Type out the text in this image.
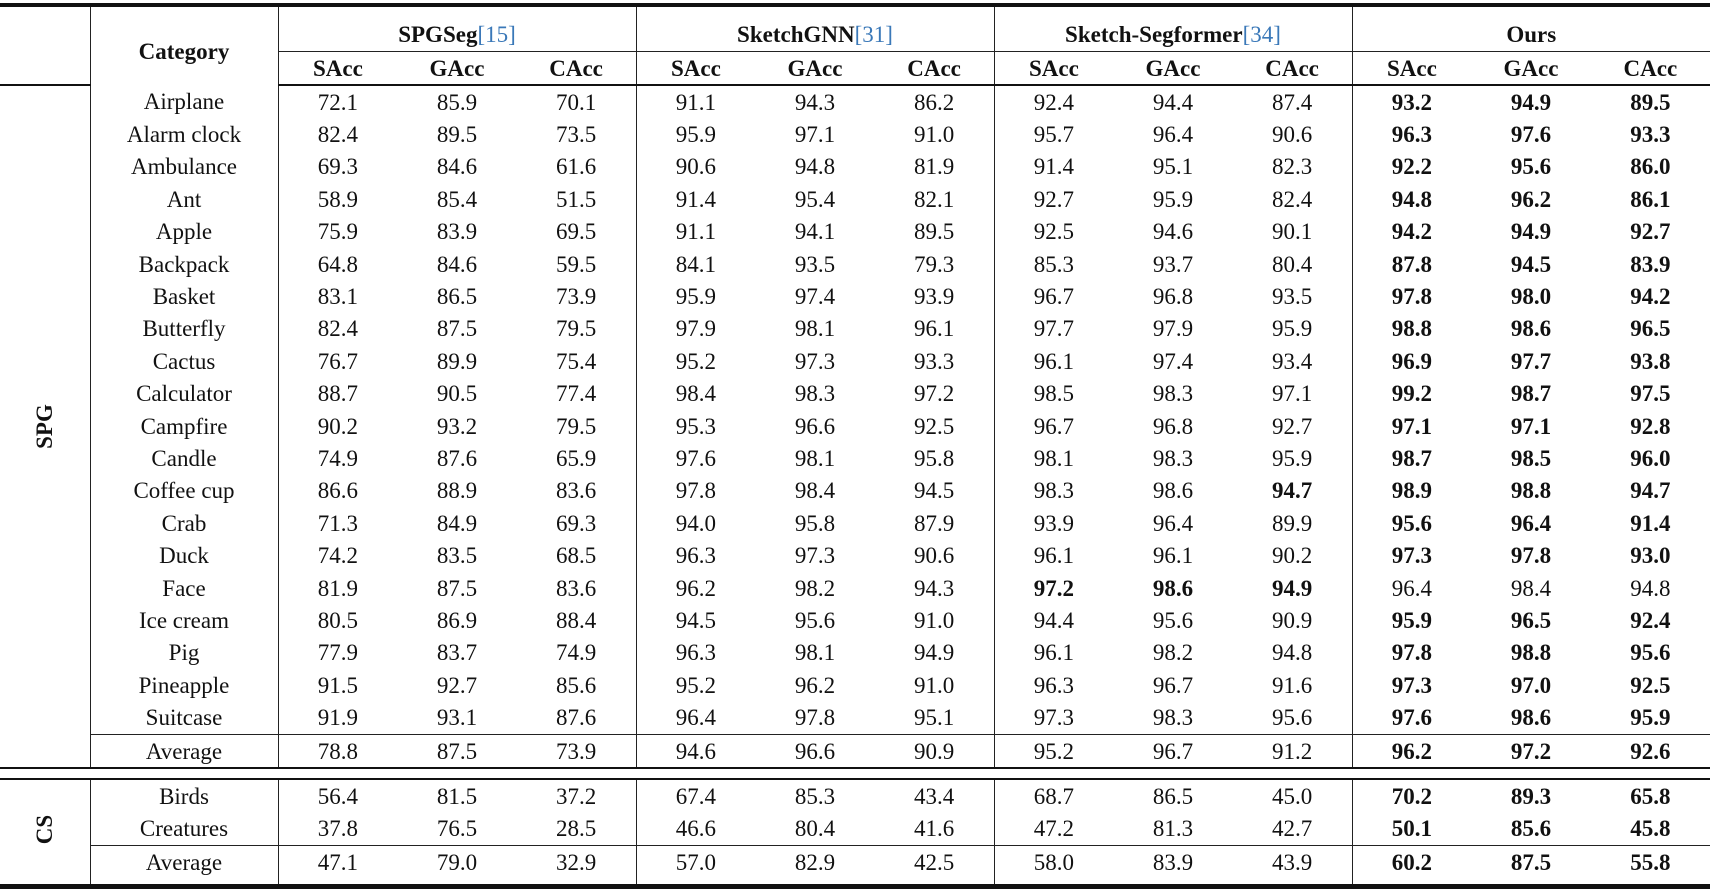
	Category	SPGSeg[15]			SketchGNN[31]			Sketch-Segformer[34]			Ours		
		SAcc	GAcc	CAcc	SAcc	GAcc	CAcc	SAcc	GAcc	CAcc	SAcc	GAcc	CAcc
SPG	Airplane	72.1	85.9	70.1	91.1	94.3	86.2	92.4	94.4	87.4	93.2	94.9	89.5
	Alarm clock	82.4	89.5	73.5	95.9	97.1	91.0	95.7	96.4	90.6	96.3	97.6	93.3
	Ambulance	69.3	84.6	61.6	90.6	94.8	81.9	91.4	95.1	82.3	92.2	95.6	86.0
	Ant	58.9	85.4	51.5	91.4	95.4	82.1	92.7	95.9	82.4	94.8	96.2	86.1
	Apple	75.9	83.9	69.5	91.1	94.1	89.5	92.5	94.6	90.1	94.2	94.9	92.7
	Backpack	64.8	84.6	59.5	84.1	93.5	79.3	85.3	93.7	80.4	87.8	94.5	83.9
	Basket	83.1	86.5	73.9	95.9	97.4	93.9	96.7	96.8	93.5	97.8	98.0	94.2
	Butterfly	82.4	87.5	79.5	97.9	98.1	96.1	97.7	97.9	95.9	98.8	98.6	96.5
	Cactus	76.7	89.9	75.4	95.2	97.3	93.3	96.1	97.4	93.4	96.9	97.7	93.8
	Calculator	88.7	90.5	77.4	98.4	98.3	97.2	98.5	98.3	97.1	99.2	98.7	97.5
	Campfire	90.2	93.2	79.5	95.3	96.6	92.5	96.7	96.8	92.7	97.1	97.1	92.8
	Candle	74.9	87.6	65.9	97.6	98.1	95.8	98.1	98.3	95.9	98.7	98.5	96.0
	Coffee cup	86.6	88.9	83.6	97.8	98.4	94.5	98.3	98.6	94.7	98.9	98.8	94.7
	Crab	71.3	84.9	69.3	94.0	95.8	87.9	93.9	96.4	89.9	95.6	96.4	91.4
	Duck	74.2	83.5	68.5	96.3	97.3	90.6	96.1	96.1	90.2	97.3	97.8	93.0
	Face	81.9	87.5	83.6	96.2	98.2	94.3	97.2	98.6	94.9	96.4	98.4	94.8
	Ice cream	80.5	86.9	88.4	94.5	95.6	91.0	94.4	95.6	90.9	95.9	96.5	92.4
	Pig	77.9	83.7	74.9	96.3	98.1	94.9	96.1	98.2	94.8	97.8	98.8	95.6
	Pineapple	91.5	92.7	85.6	95.2	96.2	91.0	96.3	96.7	91.6	97.3	97.0	92.5
	Suitcase	91.9	93.1	87.6	96.4	97.8	95.1	97.3	98.3	95.6	97.6	98.6	95.9
	Average	78.8	87.5	73.9	94.6	96.6	90.9	95.2	96.7	91.2	96.2	97.2	92.6

CS	Birds	56.4	81.5	37.2	67.4	85.3	43.4	68.7	86.5	45.0	70.2	89.3	65.8
	Creatures	37.8	76.5	28.5	46.6	80.4	41.6	47.2	81.3	42.7	50.1	85.6	45.8
	Average	47.1	79.0	32.9	57.0	82.9	42.5	58.0	83.9	43.9	60.2	87.5	55.8
